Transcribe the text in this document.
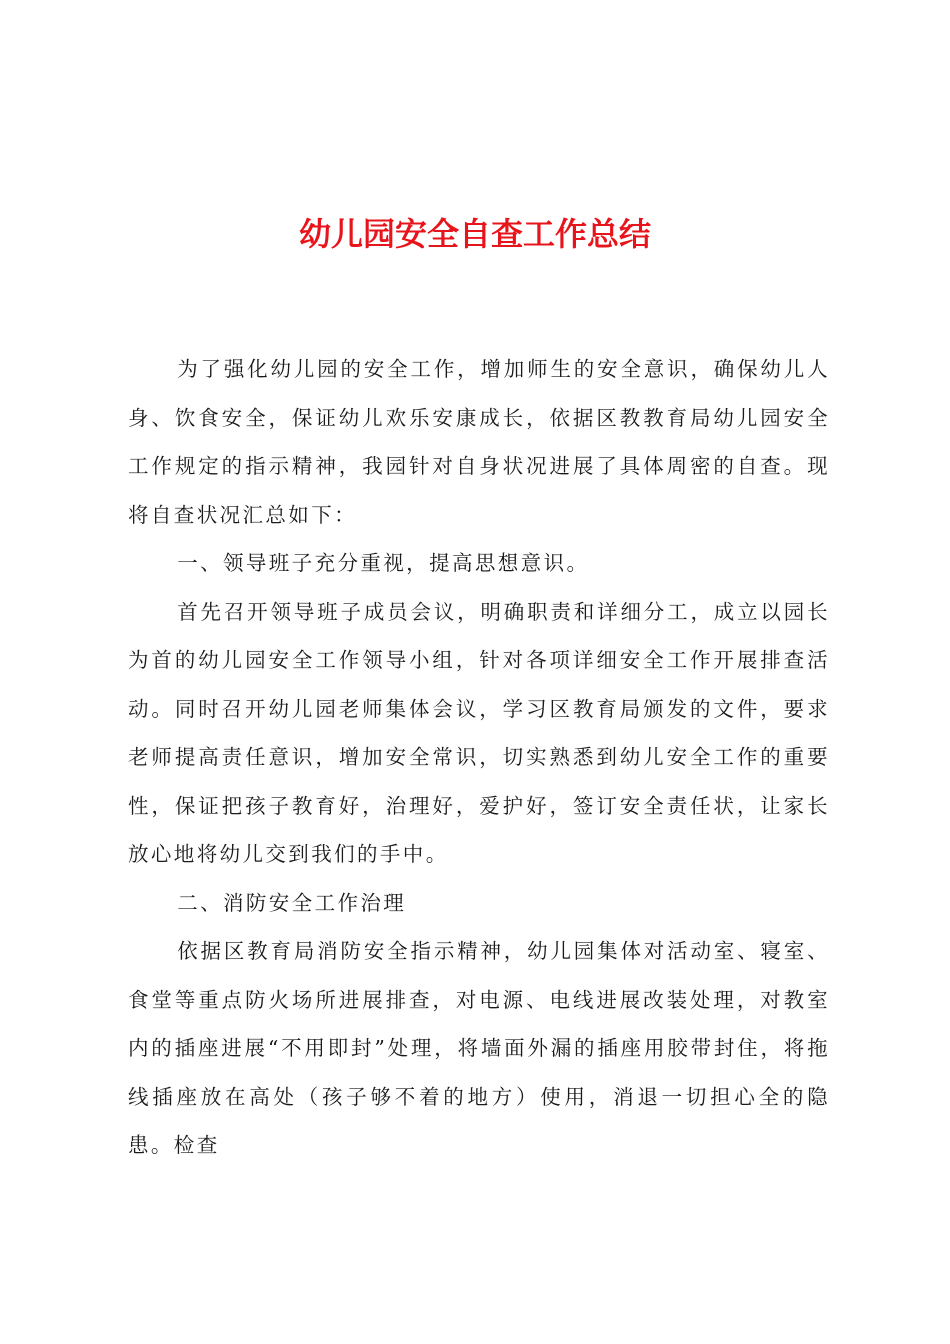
幼儿园安全自查工作总结

为了强化幼儿园的安全工作，增加师生的安全意识，确保幼儿人身、饮食安全，保证幼儿欢乐安康成长，依据区教教育局幼儿园安全工作规定的指示精神，我园针对自身状况进展了具体周密的自查。现将自查状况汇总如下：

一、领导班子充分重视，提高思想意识。

首先召开领导班子成员会议，明确职责和详细分工，成立以园长为首的幼儿园安全工作领导小组，针对各项详细安全工作开展排查活动。同时召开幼儿园老师集体会议，学习区教育局颁发的文件，要求老师提高责任意识，增加安全常识，切实熟悉到幼儿安全工作的重要性，保证把孩子教育好，治理好，爱护好，签订安全责任状，让家长放心地将幼儿交到我们的手中。

二、消防安全工作治理

依据区教育局消防安全指示精神，幼儿园集体对活动室、寝室、食堂等重点防火场所进展排查，对电源、电线进展改装处理，对教室内的插座进展“不用即封”处理，将墙面外漏的插座用胶带封住，将拖线插座放在高处（孩子够不着的地方）使用，消退一切担心全的隐患。检查
